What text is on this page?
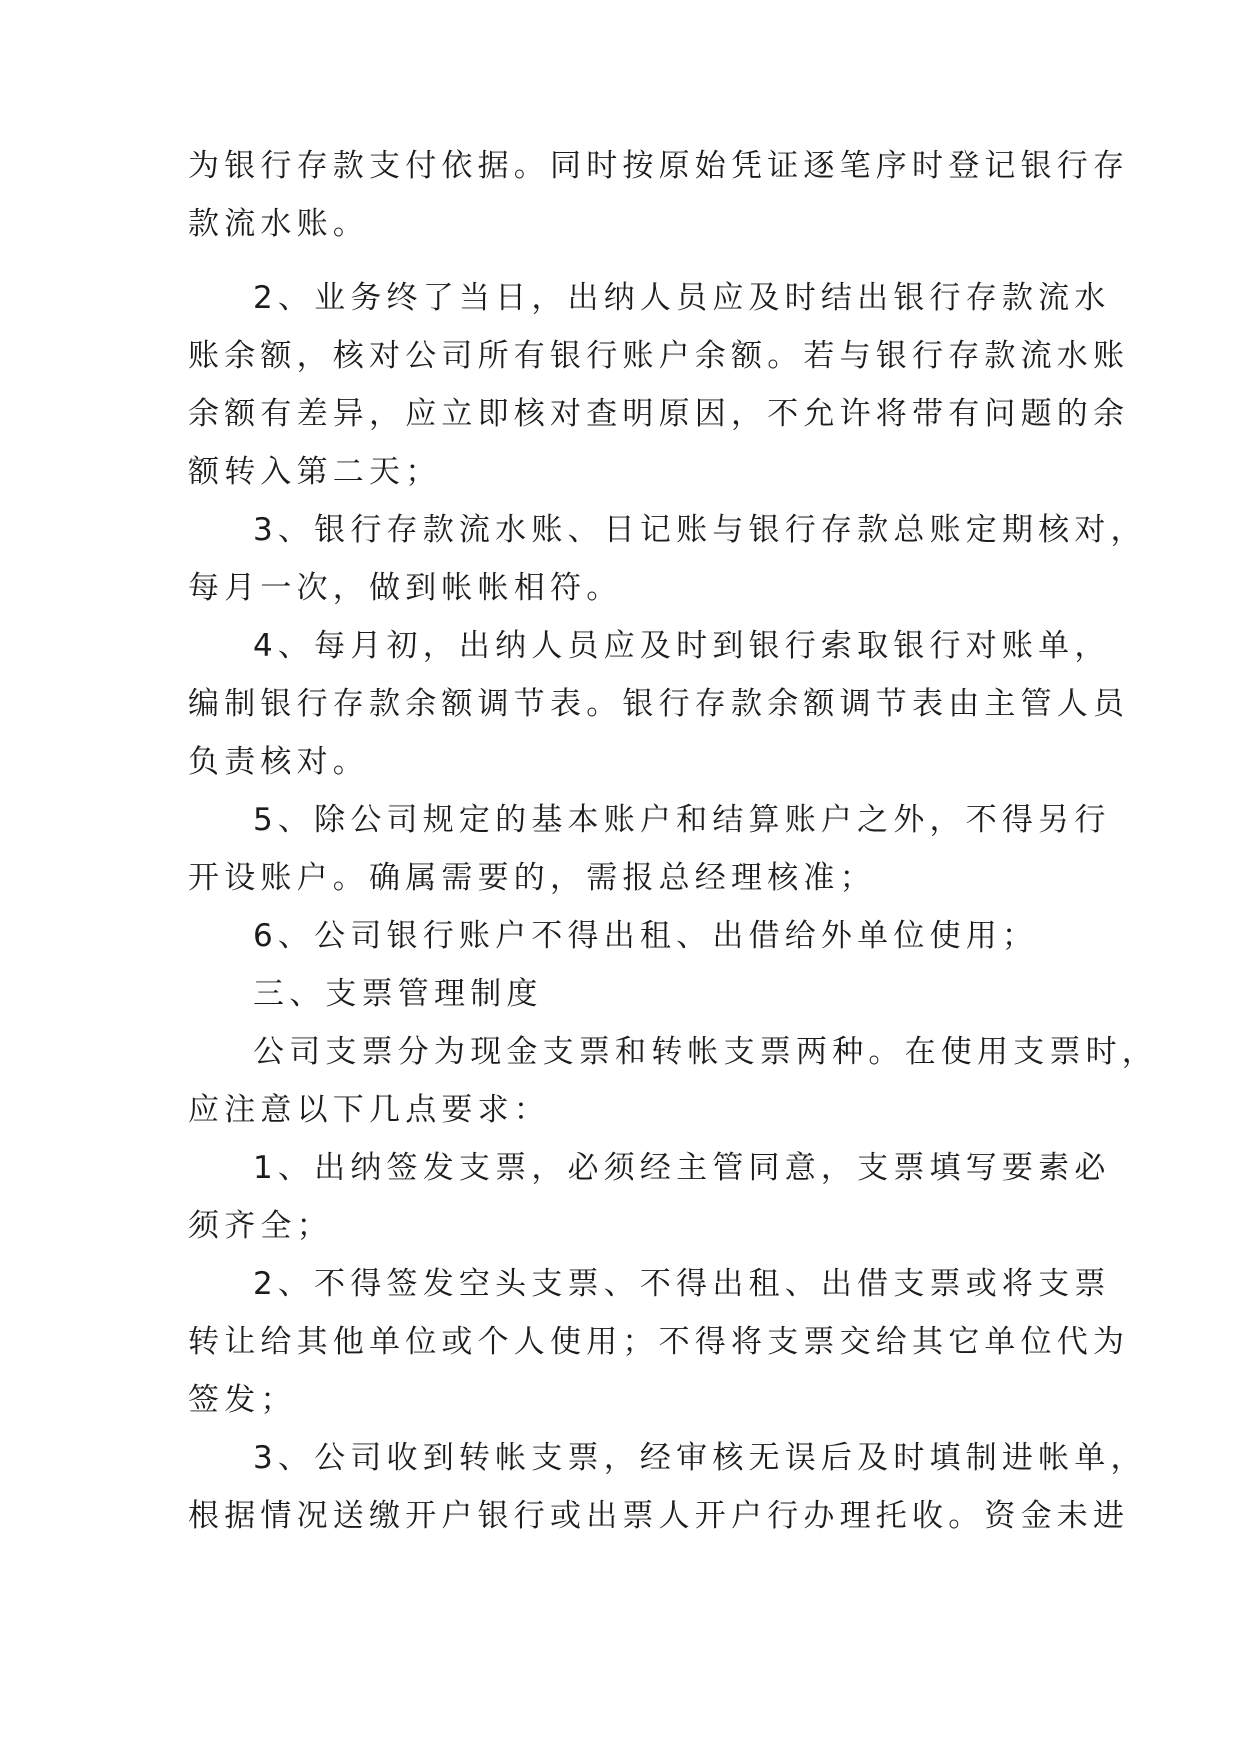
为银行存款支付依据。同时按原始凭证逐笔序时登记银行存
款流水账。
2、业务终了当日，出纳人员应及时结出银行存款流水
账余额，核对公司所有银行账户余额。若与银行存款流水账
余额有差异，应立即核对查明原因，不允许将带有问题的余
额转入第二天；
3、银行存款流水账、日记账与银行存款总账定期核对，
每月一次，做到帐帐相符。
4、每月初，出纳人员应及时到银行索取银行对账单，
编制银行存款余额调节表。银行存款余额调节表由主管人员
负责核对。
5、除公司规定的基本账户和结算账户之外，不得另行
开设账户。确属需要的，需报总经理核准；
6、公司银行账户不得出租、出借给外单位使用；
三、支票管理制度
公司支票分为现金支票和转帐支票两种。在使用支票时，
应注意以下几点要求：
1、出纳签发支票，必须经主管同意，支票填写要素必
须齐全；
2、不得签发空头支票、不得出租、出借支票或将支票
转让给其他单位或个人使用；不得将支票交给其它单位代为
签发；
3、公司收到转帐支票，经审核无误后及时填制进帐单，
根据情况送缴开户银行或出票人开户行办理托收。资金未进
